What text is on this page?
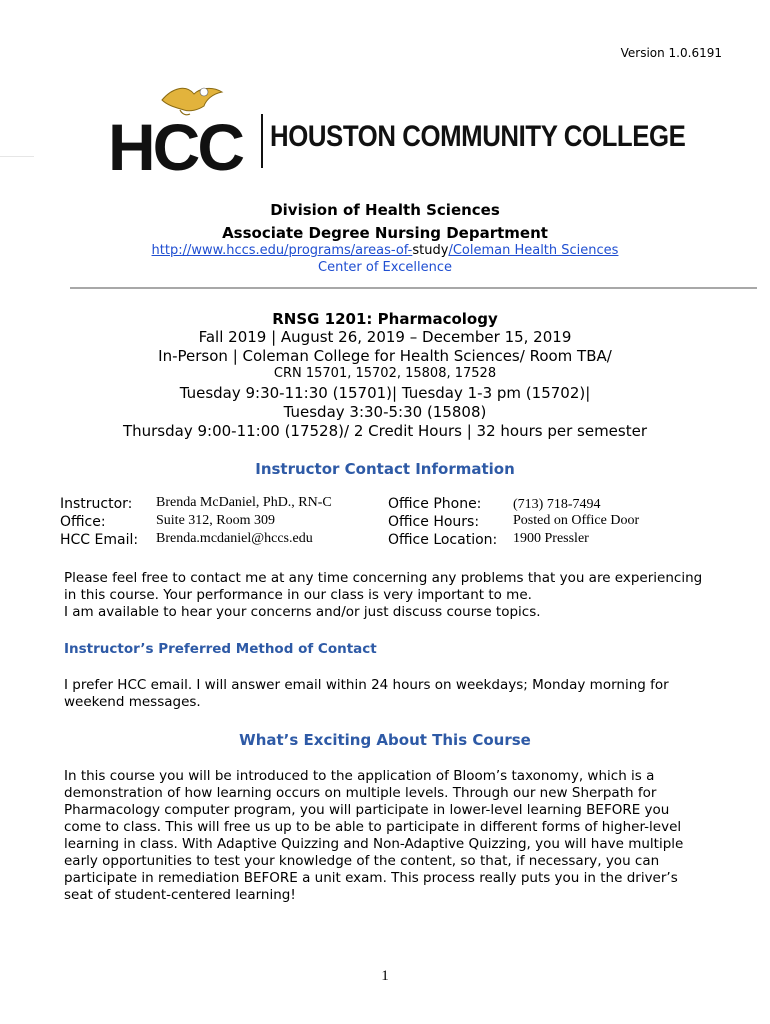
Version 1.0.6191
HCC HOUSTON COMMUNITY COLLEGE
Division of Health Sciences
Associate Degree Nursing Department
http://www.hccs.edu/programs/areas-of-study/Coleman Health Sciences
Center of Excellence
RNSG 1201: Pharmacology
Fall 2019 | August 26, 2019 – December 15, 2019
In-Person | Coleman College for Health Sciences/ Room TBA/
CRN 15701, 15702, 15808, 17528
Tuesday 9:30-11:30 (15701)| Tuesday 1-3 pm (15702)|
Tuesday 3:30-5:30 (15808)
Thursday 9:00-11:00 (17528)/ 2 Credit Hours | 32 hours per semester
Instructor Contact Information
Instructor: Brenda McDaniel, PhD., RN-C
Office:	Suite 312, Room 309
HCC Email: Brenda.mcdaniel@hccs.edu
Office Phone: (713) 718-7494
Office Hours: Posted on Office Door
Office Location: 1900 Pressler
Please feel free to contact me at any time concerning any problems that you are experiencing
in this course. Your performance in our class is very important to me.
I am available to hear your concerns and/or just discuss course topics.
Instructor’s Preferred Method of Contact
I prefer HCC email. I will answer email within 24 hours on weekdays; Monday morning for
weekend messages.
What’s Exciting About This Course
In this course you will be introduced to the application of Bloom’s taxonomy, which is a
demonstration of how learning occurs on multiple levels. Through our new Sherpath for
Pharmacology computer program, you will participate in lower-level learning BEFORE you
come to class. This will free us up to be able to participate in different forms of higher-level
learning in class. With Adaptive Quizzing and Non-Adaptive Quizzing, you will have multiple
early opportunities to test your knowledge of the content, so that, if necessary, you can
participate in remediation BEFORE a unit exam. This process really puts you in the driver’s
seat of student-centered learning!
1
